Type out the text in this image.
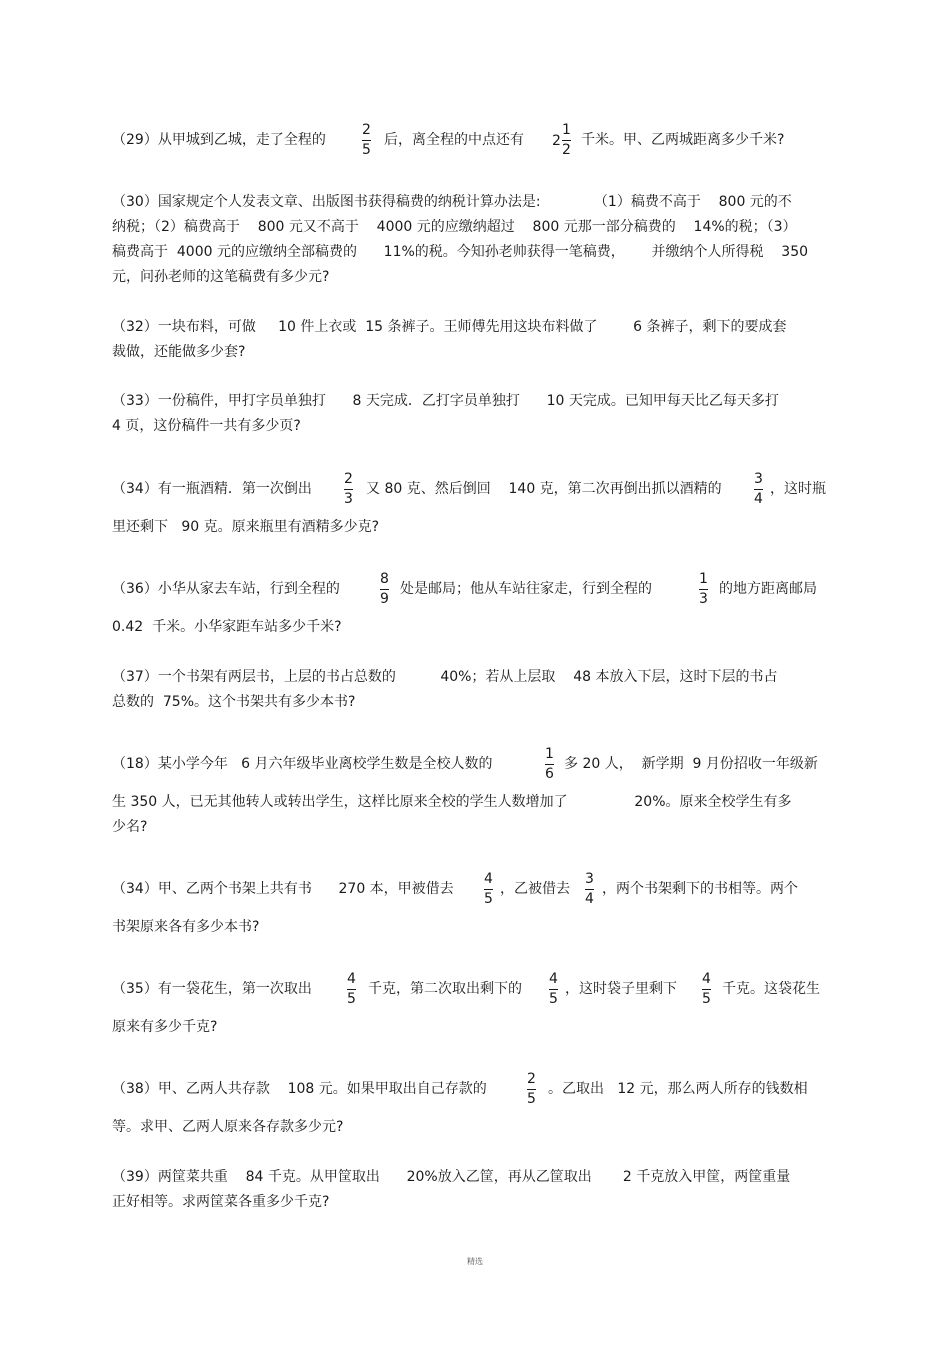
（29）从甲城到乙城，走了全程的
2
5
后，离全程的中点还有 $2 \frac{1}{2}$ 千米。甲、乙两城距离多少千米?
（30）国家规定个人发表文章、出版图书获得稿费的纳税计算办法是:            （1）稿费不高于    800 元的不
纳税；（2）稿费高于    800 元又不高于    4000 元的应缴纳超过    800 元那一部分稿费的    14%的税；（3）
稿费高于  4000 元的应缴纳全部稿费的      11%的税。今知孙老帅获得一笔稿费，      并缴纳个人所得税    350
元，问孙老师的这笔稿费有多少元?
（32）一块布料，可做     10 件上衣或  15 条裤子。王师傅先用这块布料做了        6 条裤子，剩下的要成套
裁做，还能做多少套?
（33）一份稿件，甲打字员单独打      8 天完成．乙打字员单独打      10 天完成。已知甲每天比乙每天多打
4 页，这份稿件一共有多少页?
（34）有一瓶酒精．第一次倒出
2
3
又 80 克、然后倒回    140 克，第二次再倒出抓以酒精的
3
4
，这时瓶
里还剩下   90 克。原来瓶里有酒精多少克?
（36）小华从家去车站，行到全程的
8
9
处是邮局；他从车站往家走，行到全程的
1
3
的地方距离邮局
0.42  千米。小华家距车站多少千米?
（37）一个书架有两层书，上层的书占总数的          40%；若从上层取    48 本放入下层，这时下层的书占
总数的  75%。这个书架共有多少本书?
（18）某小学今年   6 月六年级毕业离校学生数是全校人数的
1
6
多 20 人，  新学期  9 月份招收一年级新
生 350 人，已无其他转人或转出学生，这样比原来全校的学生人数增加了               20%。原来全校学生有多
少名?
（34）甲、乙两个书架上共有书      270 本，甲被借去
4
5
，乙被借去
3
4
，两个书架剩下的书相等。两个
书架原来各有多少本书?
（35）有一袋花生，第一次取出
4
5
千克，第二次取出剩下的
4
5
，这时袋子里剩下
4
5
千克。这袋花生
原来有多少千克?
（38）甲、乙两人共存款    108 元。如果甲取出自己存款的
2
5
。乙取出   12 元，那么两人所存的钱数相
等。求甲、乙两人原来各存款多少元?
（39）两筐菜共重    84 千克。从甲筐取出      20%放入乙筐，再从乙筐取出       2 千克放入甲筐，两筐重量
正好相等。求两筐菜各重多少千克?
精选
